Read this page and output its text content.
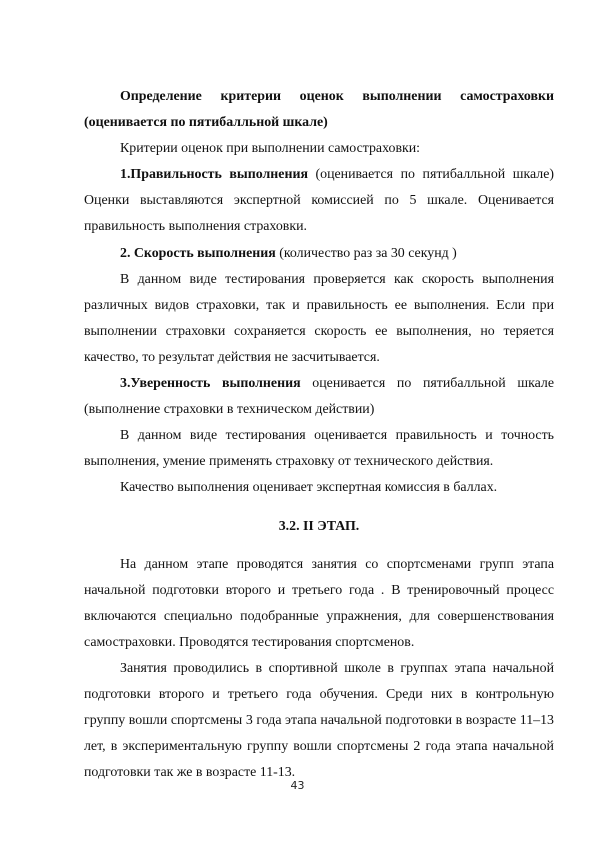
Определение критерии оценок выполнении самостраховки

(оценивается по пятибалльной шкале)

Критерии оценок при выполнении самостраховки:

1.Правильность выполнения (оценивается по пятибалльной шкале) Оценки выставляются экспертной комиссией по 5 шкале. Оценивается правильность выполнения страховки.

2. Скорость выполнения (количество раз за 30 секунд )

В данном виде тестирования проверяется как скорость выполнения различных видов страховки, так и правильность ее выполнения. Если при выполнении страховки сохраняется скорость ее выполнения, но теряется качество, то результат действия не засчитывается.

3.Уверенность выполнения оценивается по пятибалльной шкале (выполнение страховки в техническом действии)

В данном виде тестирования оценивается правильность и точность выполнения, умение применять страховку от технического действия.

Качество выполнения оценивает экспертная комиссия в баллах.

3.2. II ЭТАП.

На данном этапе проводятся занятия со спортсменами групп этапа начальной подготовки второго и третьего года . В тренировочный процесс включаются специально подобранные упражнения, для совершенствования самостраховки. Проводятся тестирования спортсменов.

Занятия проводились в спортивной школе в группах этапа начальной подготовки второго и третьего года обучения. Среди них в контрольную группу вошли спортсмены 3 года этапа начальной подготовки в возрасте 11–13 лет, в экспериментальную группу вошли спортсмены 2 года этапа начальной подготовки так же в возрасте 11-13.

43
